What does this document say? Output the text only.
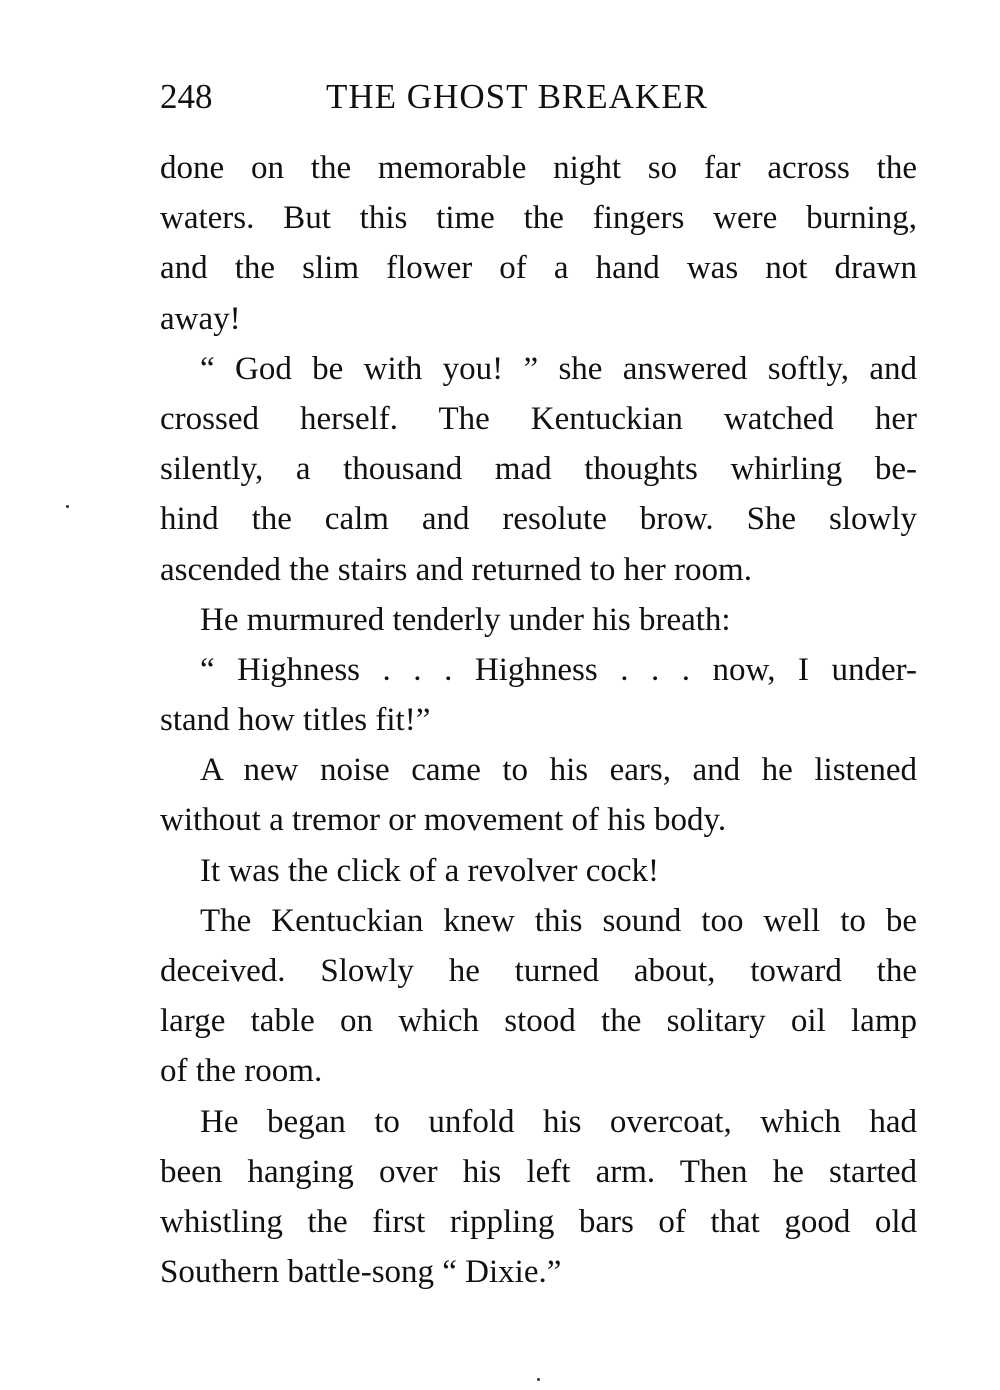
248	THE GHOST BREAKER
done on the memorable night so far across the
waters. But this time the fingers were burning,
and the slim flower of a hand was not drawn
away!
“ God be with you! ” she answered softly, and
crossed herself. The Kentuckian watched her
silently, a thousand mad thoughts whirling be-
hind the calm and resolute brow. She slowly
ascended the stairs and returned to her room.
He murmured tenderly under his breath:
“ Highness . . . Highness . . . now, I under-
stand how titles fit!”
A new noise came to his ears, and he listened
without a tremor or movement of his body.
It was the click of a revolver cock!
The Kentuckian knew this sound too well to be
deceived. Slowly he turned about, toward the
large table on which stood the solitary oil lamp
of the room.
He began to unfold his overcoat, which had
been hanging over his left arm. Then he started
whistling the first rippling bars of that good old
Southern battle-song “ Dixie.”
